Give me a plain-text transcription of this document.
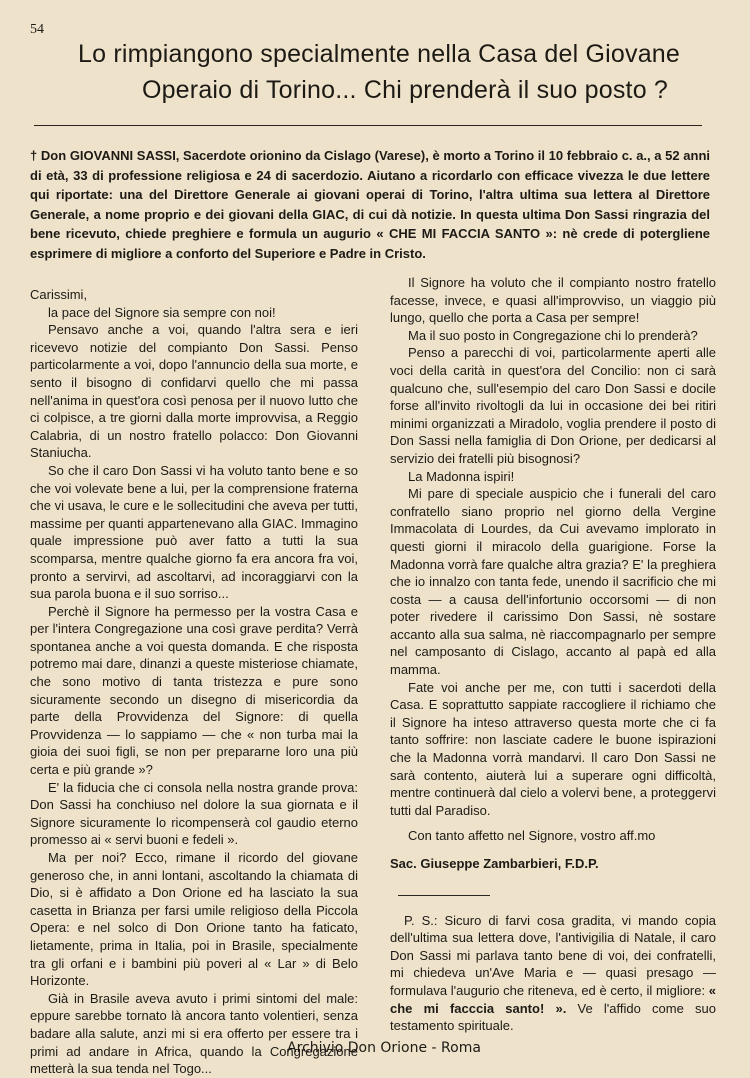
54
Lo rimpiangono specialmente nella Casa del Giovane
Operaio di Torino... Chi prenderà il suo posto ?
† Don GIOVANNI SASSI, Sacerdote orionino da Cislago (Varese), è morto a Torino il 10 febbraio c. a., a 52 anni di età, 33 di professione religiosa e 24 di sacerdozio. Aiutano a ricordarlo con efficace vivezza le due lettere qui riportate: una del Direttore Generale ai giovani operai di Torino, l'altra ultima sua lettera al Direttore Generale, a nome proprio e dei giovani della GIAC, di cui dà notizie. In questa ultima Don Sassi ringrazia del bene ricevuto, chiede preghiere e formula un augurio « CHE MI FACCIA SANTO »: nè crede di potergliene esprimere di migliore a conforto del Superiore e Padre in Cristo.

Carissimi,

la pace del Signore sia sempre con noi!

Pensavo anche a voi, quando l'altra sera e ieri ricevevo notizie del compianto Don Sassi. Penso particolarmente a voi, dopo l'annuncio della sua morte, e sento il bisogno di confidarvi quello che mi passa nell'anima in quest'ora così penosa per il nuovo lutto che ci colpisce, a tre giorni dalla morte improvvisa, a Reggio Calabria, di un nostro fratello polacco: Don Giovanni Staniucha.

So che il caro Don Sassi vi ha voluto tanto bene e so che voi volevate bene a lui, per la comprensione fraterna che vi usava, le cure e le sollecitudini che aveva per tutti, massime per quanti appartenevano alla GIAC. Immagino quale impressione può aver fatto a tutti la sua scomparsa, mentre qualche giorno fa era ancora fra voi, pronto a servirvi, ad ascoltarvi, ad incoraggiarvi con la sua parola buona e il suo sorriso...

Perchè il Signore ha permesso per la vostra Casa e per l'intera Congregazione una così grave perdita? Verrà spontanea anche a voi questa domanda. E che risposta potremo mai dare, dinanzi a queste misteriose chiamate, che sono motivo di tanta tristezza e pure sono sicuramente secondo un disegno di misericordia da parte della Provvidenza del Signore: di quella Provvidenza — lo sappiamo — che « non turba mai la gioia dei suoi figli, se non per prepararne loro una più certa e più grande »?

E' la fiducia che ci consola nella nostra grande prova: Don Sassi ha conchiuso nel dolore la sua giornata e il Signore sicuramente lo ricompenserà col gaudio eterno promesso ai « servi buoni e fedeli ».

Ma per noi? Ecco, rimane il ricordo del giovane generoso che, in anni lontani, ascoltando la chiamata di Dio, si è affidato a Don Orione ed ha lasciato la sua casetta in Brianza per farsi umile religioso della Piccola Opera: e nel solco di Don Orione tanto ha faticato, lietamente, prima in Italia, poi in Brasile, specialmente tra gli orfani e i bambini più poveri al « Lar » di Belo Horizonte.

Già in Brasile aveva avuto i primi sintomi del male: eppure sarebbe tornato là ancora tanto volentieri, senza badare alla salute, anzi mi si era offerto per essere tra i primi ad andare in Africa, quando la Congregazione metterà la sua tenda nel Togo...

Il Signore ha voluto che il compianto nostro fratello facesse, invece, e quasi all'improvviso, un viaggio più lungo, quello che porta a Casa per sempre!

Ma il suo posto in Congregazione chi lo prenderà?

Penso a parecchi di voi, particolarmente aperti alle voci della carità in quest'ora del Concilio: non ci sarà qualcuno che, sull'esempio del caro Don Sassi e docile forse all'invito rivoltogli da lui in occasione dei bei ritiri minimi organizzati a Miradolo, voglia prendere il posto di Don Sassi nella famiglia di Don Orione, per dedicarsi al servizio dei fratelli più bisognosi?

La Madonna ispiri!

Mi pare di speciale auspicio che i funerali del caro confratello siano proprio nel giorno della Vergine Immacolata di Lourdes, da Cui avevamo implorato in questi giorni il miracolo della guarigione. Forse la Madonna vorrà fare qualche altra grazia? E' la preghiera che io innalzo con tanta fede, unendo il sacrificio che mi costa — a causa dell'infortunio occorsomi — di non poter rivedere il carissimo Don Sassi, nè sostare accanto alla sua salma, nè riaccompagnarlo per sempre nel camposanto di Cislago, accanto al papà ed alla mamma.

Fate voi anche per me, con tutti i sacerdoti della Casa. E soprattutto sappiate raccogliere il richiamo che il Signore ha inteso attraverso questa morte che ci fa tanto soffrire: non lasciate cadere le buone ispirazioni che la Madonna vorrà mandarvi. Il caro Don Sassi ne sarà contento, aiuterà lui a superare ogni difficoltà, mentre continuerà dal cielo a volervi bene, a proteggervi tutti dal Paradiso.

Con tanto affetto nel Signore, vostro aff.mo

Sac. Giuseppe Zambarbieri, F.D.P.

P. S.: Sicuro di farvi cosa gradita, vi mando copia dell'ultima sua lettera dove, l'antivigilia di Natale, il caro Don Sassi mi parlava tanto bene di voi, dei confratelli, mi chiedeva un'Ave Maria e — quasi presago — formulava l'augurio che riteneva, ed è certo, il migliore: « che mi facccia santo! ». Ve l'affido come suo testamento spirituale.

Archivio Don Orione - Roma
